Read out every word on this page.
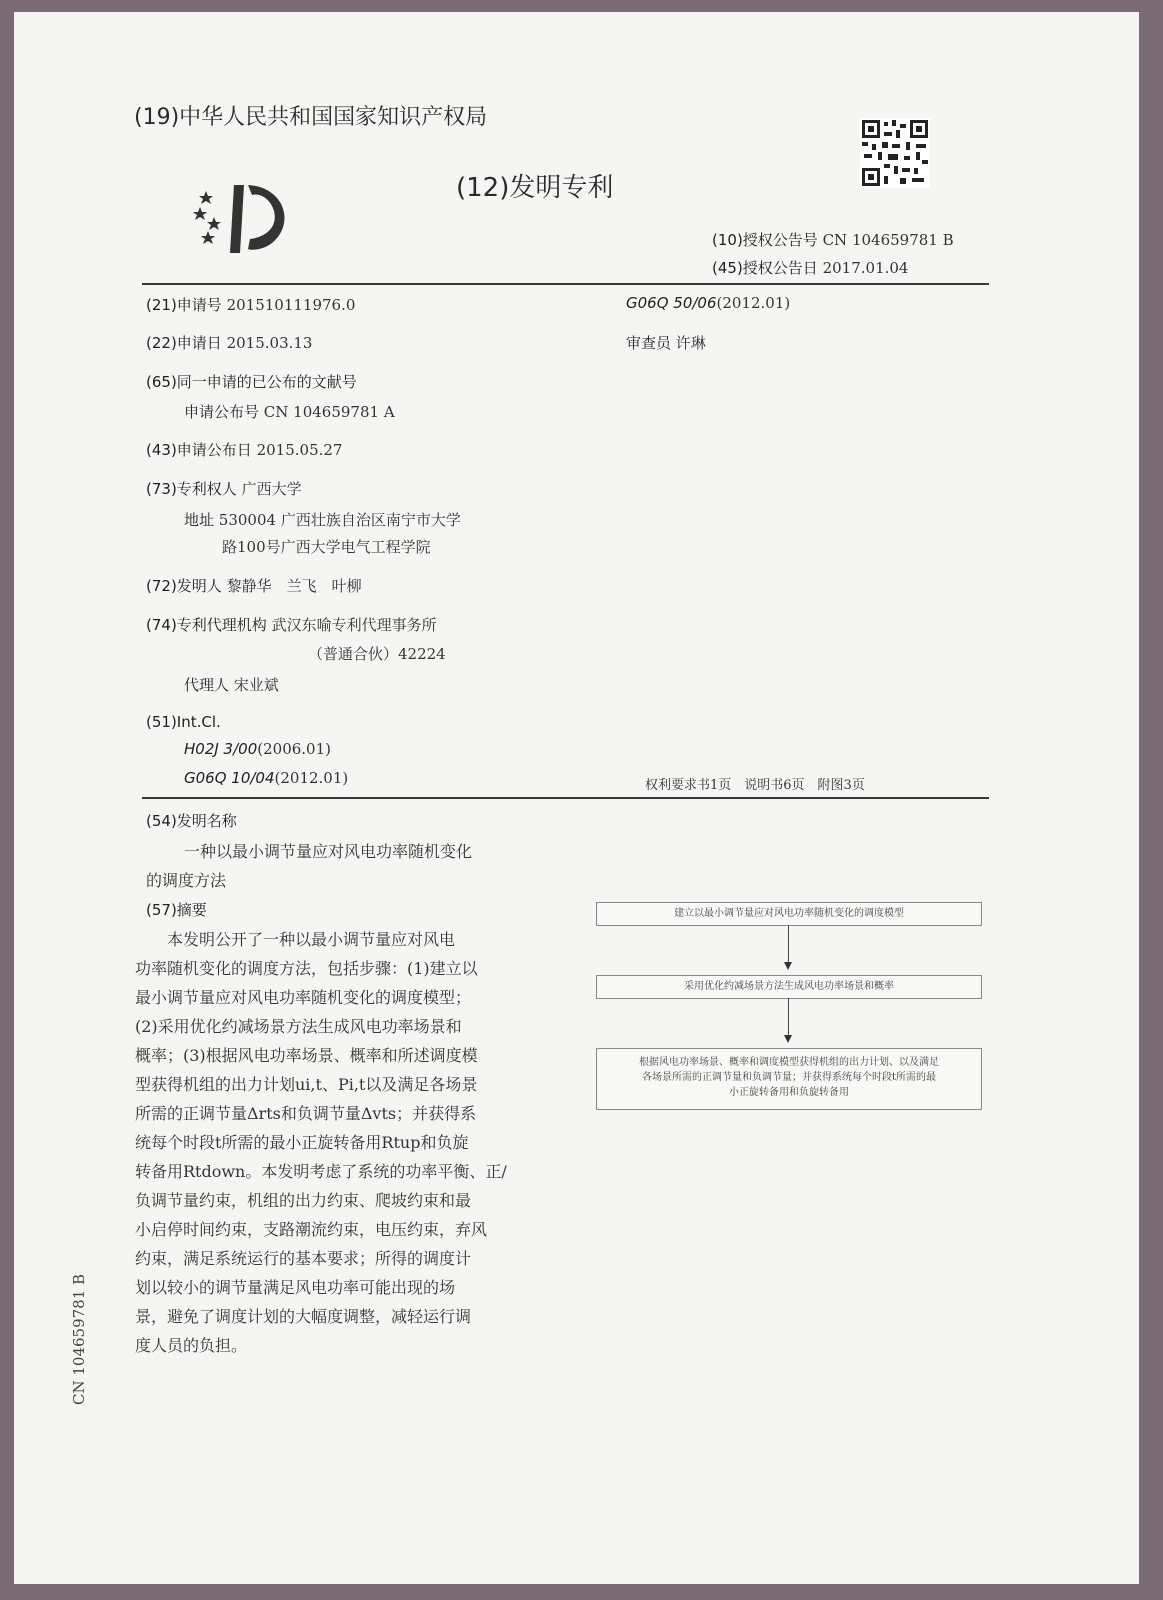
(19)中华人民共和国国家知识产权局
(12)发明专利
(10)授权公告号 CN 104659781 B
(45)授权公告日 2017.01.04
(21)申请号 201510111976.0
(22)申请日 2015.03.13
(65)同一申请的已公布的文献号
申请公布号 CN 104659781 A
(43)申请公布日 2015.05.27
(73)专利权人 广西大学
地址 530004 广西壮族自治区南宁市大学
路100号广西大学电气工程学院
(72)发明人 黎静华　兰飞　叶柳
(74)专利代理机构 武汉东喻专利代理事务所
（普通合伙）42224
代理人 宋业斌
(51)Int.Cl.
H02J 3/00(2006.01)
G06Q 10/04(2012.01)
G06Q 50/06(2012.01)
审查员 许琳
权利要求书1页　说明书6页　附图3页
(54)发明名称
一种以最小调节量应对风电功率随机变化
的调度方法
(57)摘要
　　本发明公开了一种以最小调节量应对风电
功率随机变化的调度方法，包括步骤：(1)建立以
最小调节量应对风电功率随机变化的调度模型；
(2)采用优化约减场景方法生成风电功率场景和
概率；(3)根据风电功率场景、概率和所述调度模
型获得机组的出力计划ui,t、Pi,t以及满足各场景
所需的正调节量Δrts和负调节量Δvts；并获得系
统每个时段t所需的最小正旋转备用Rtup和负旋
转备用Rtdown。本发明考虑了系统的功率平衡、正/
负调节量约束，机组的出力约束、爬坡约束和最
小启停时间约束，支路潮流约束，电压约束，弃风
约束，满足系统运行的基本要求；所得的调度计
划以较小的调节量满足风电功率可能出现的场
景，避免了调度计划的大幅度调整，减轻运行调
度人员的负担。
建立以最小调节量应对风电功率随机变化的调度模型
采用优化约减场景方法生成风电功率场景和概率
根据风电功率场景、概率和调度模型获得机组的出力计划、以及满足
各场景所需的正调节量和负调节量；并获得系统每个时段t所需的最
小正旋转备用和负旋转备用
CN 104659781 B
